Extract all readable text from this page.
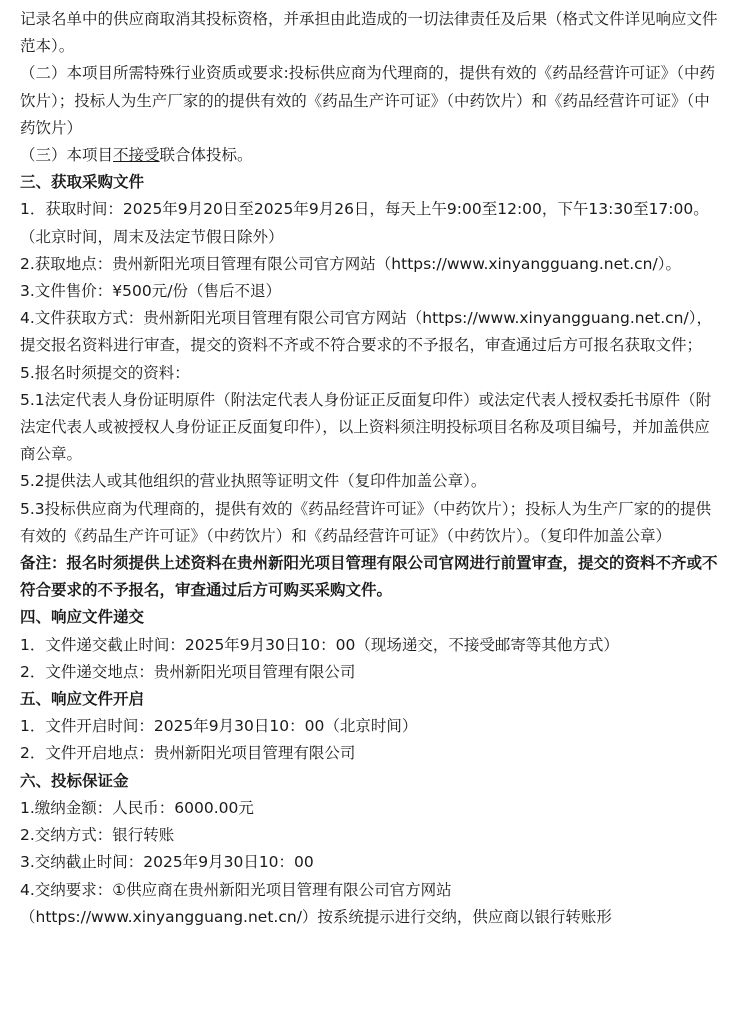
记录名单中的供应商取消其投标资格，并承担由此造成的一切法律责任及后果（格式文件详见响应文件范本）。

（二）本项目所需特殊行业资质或要求:投标供应商为代理商的，提供有效的《药品经营许可证》（中药饮片）；投标人为生产厂家的的提供有效的《药品生产许可证》（中药饮片）和《药品经营许可证》（中药饮片）

（三）本项目不接受联合体投标。

三、获取采购文件

1．获取时间：2025年9月20日至2025年9月26日，每天上午9:00至12:00，下午13:30至17:00。（北京时间，周末及法定节假日除外）

2.获取地点：贵州新阳光项目管理有限公司官方网站（https://www.xinyangguang.net.cn/）。

3.文件售价：¥500元/份（售后不退）

4.文件获取方式：贵州新阳光项目管理有限公司官方网站（https://www.xinyangguang.net.cn/），提交报名资料进行审查，提交的资料不齐或不符合要求的不予报名，审查通过后方可报名获取文件；

5.报名时须提交的资料：

5.1法定代表人身份证明原件（附法定代表人身份证正反面复印件）或法定代表人授权委托书原件（附法定代表人或被授权人身份证正反面复印件），以上资料须注明投标项目名称及项目编号，并加盖供应商公章。

5.2提供法人或其他组织的营业执照等证明文件（复印件加盖公章）。

5.3投标供应商为代理商的，提供有效的《药品经营许可证》（中药饮片）；投标人为生产厂家的的提供有效的《药品生产许可证》（中药饮片）和《药品经营许可证》（中药饮片）。（复印件加盖公章）

备注：报名时须提供上述资料在贵州新阳光项目管理有限公司官网进行前置审查，提交的资料不齐或不符合要求的不予报名，审查通过后方可购买采购文件。

四、响应文件递交

1．文件递交截止时间：2025年9月30日10：00（现场递交，不接受邮寄等其他方式）

2．文件递交地点：贵州新阳光项目管理有限公司

五、响应文件开启

1．文件开启时间：2025年9月30日10：00（北京时间）

2．文件开启地点：贵州新阳光项目管理有限公司

六、投标保证金

1.缴纳金额：人民币：6000.00元

2.交纳方式：银行转账

3.交纳截止时间：2025年9月30日10：00

4.交纳要求：①供应商在贵州新阳光项目管理有限公司官方网站（https://www.xinyangguang.net.cn/）按系统提示进行交纳，供应商以银行转账形
